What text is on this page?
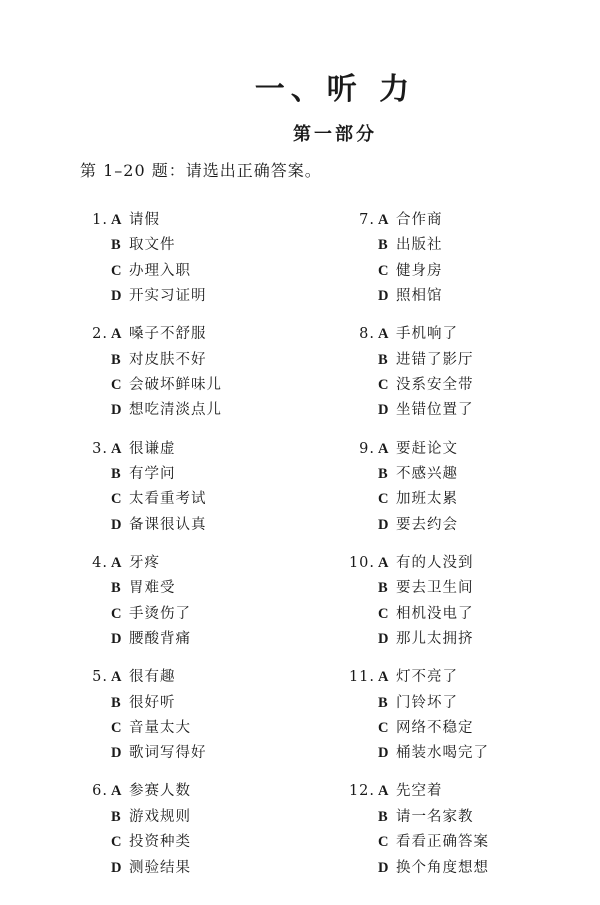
一、听 力
第一部分
第 1–20 题：请选出正确答案。
1. A 请假
B 取文件
C 办理入职
D 开实习证明
2. A 嗓子不舒服
B 对皮肤不好
C 会破坏鲜味儿
D 想吃清淡点儿
3. A 很谦虚
B 有学问
C 太看重考试
D 备课很认真
4. A 牙疼
B 胃难受
C 手烫伤了
D 腰酸背痛
5. A 很有趣
B 很好听
C 音量太大
D 歌词写得好
6. A 参赛人数
B 游戏规则
C 投资种类
D 测验结果
7. A 合作商
B 出版社
C 健身房
D 照相馆
8. A 手机响了
B 进错了影厅
C 没系安全带
D 坐错位置了
9. A 要赶论文
B 不感兴趣
C 加班太累
D 要去约会
10. A 有的人没到
B 要去卫生间
C 相机没电了
D 那儿太拥挤
11. A 灯不亮了
B 门铃坏了
C 网络不稳定
D 桶装水喝完了
12. A 先空着
B 请一名家教
C 看看正确答案
D 换个角度想想
